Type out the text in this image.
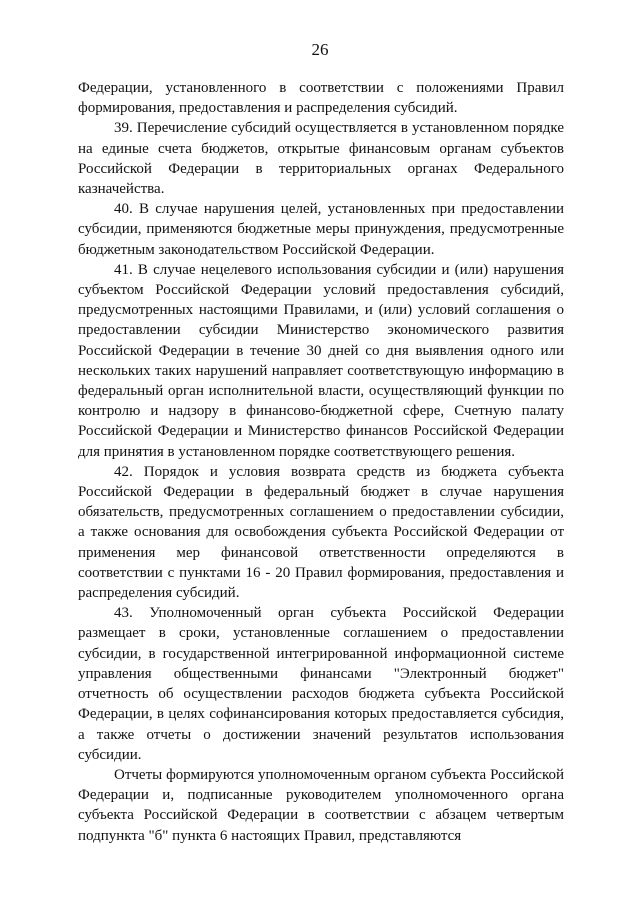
26

Федерации, установленного в соответствии с положениями Правил формирования, предоставления и распределения субсидий.

39. Перечисление субсидий осуществляется в установленном порядке на единые счета бюджетов, открытые финансовым органам субъектов Российской Федерации в территориальных органах Федерального казначейства.

40. В случае нарушения целей, установленных при предоставлении субсидии, применяются бюджетные меры принуждения, предусмотренные бюджетным законодательством Российской Федерации.

41. В случае нецелевого использования субсидии и (или) нарушения субъектом Российской Федерации условий предоставления субсидий, предусмотренных настоящими Правилами, и (или) условий соглашения о предоставлении субсидии Министерство экономического развития Российской Федерации в течение 30 дней со дня выявления одного или нескольких таких нарушений направляет соответствующую информацию в федеральный орган исполнительной власти, осуществляющий функции по контролю и надзору в финансово-бюджетной сфере, Счетную палату Российской Федерации и Министерство финансов Российской Федерации для принятия в установленном порядке соответствующего решения.

42. Порядок и условия возврата средств из бюджета субъекта Российской Федерации в федеральный бюджет в случае нарушения обязательств, предусмотренных соглашением о предоставлении субсидии, а также основания для освобождения субъекта Российской Федерации от применения мер финансовой ответственности определяются в соответствии с пунктами 16 - 20 Правил формирования, предоставления и распределения субсидий.

43. Уполномоченный орган субъекта Российской Федерации размещает в сроки, установленные соглашением о предоставлении субсидии, в государственной интегрированной информационной системе управления общественными финансами "Электронный бюджет" отчетность об осуществлении расходов бюджета субъекта Российской Федерации, в целях софинансирования которых предоставляется субсидия, а также отчеты о достижении значений результатов использования субсидии.

Отчеты формируются уполномоченным органом субъекта Российской Федерации и, подписанные руководителем уполномоченного органа субъекта Российской Федерации в соответствии с абзацем четвертым подпункта "б" пункта 6 настоящих Правил, представляются
